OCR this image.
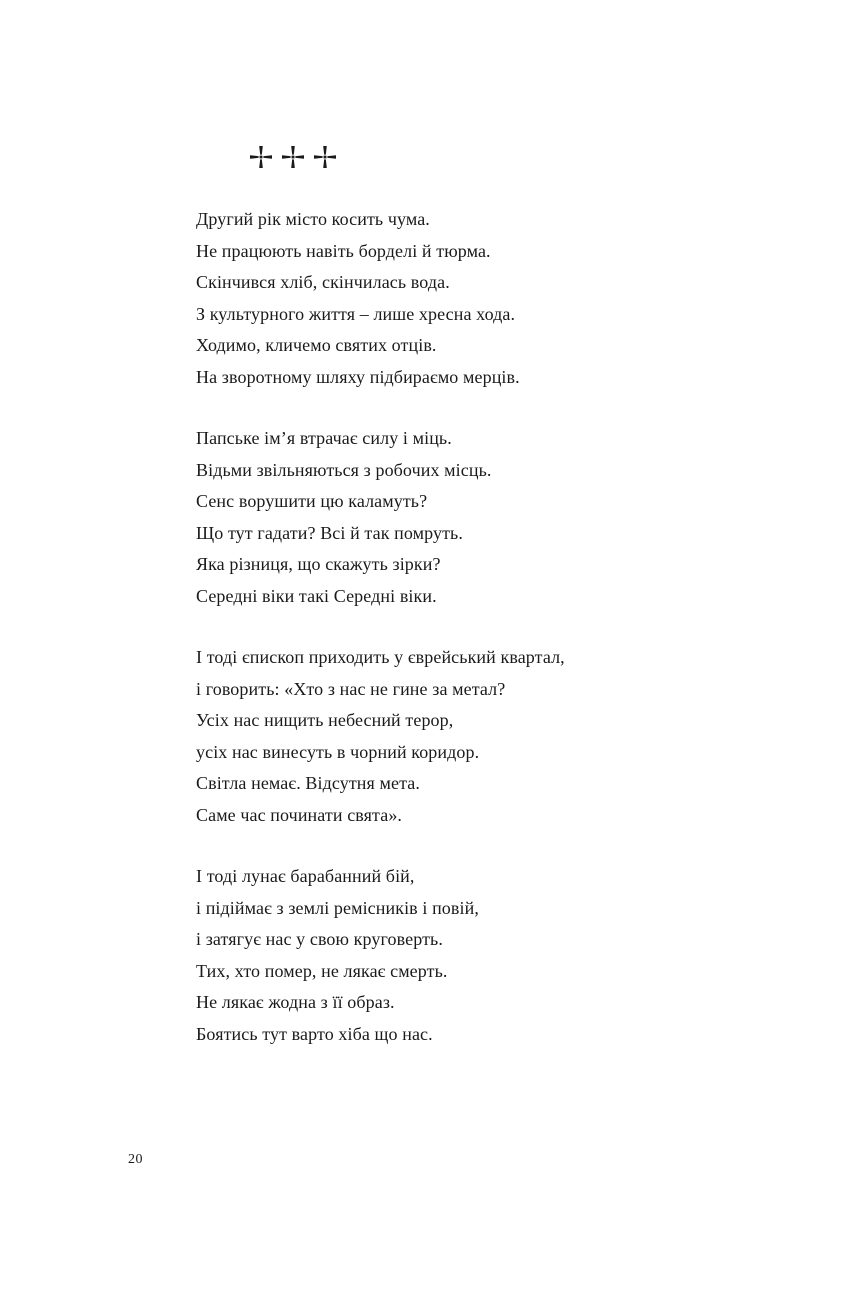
Другий рік місто косить чума.
Не працюють навіть борделі й тюрма.
Скінчився хліб, скінчилась вода.
З культурного життя – лише хресна хода.
Ходимо, кличемо святих отців.
На зворотному шляху підбираємо мерців.
Папське ім’я втрачає силу і міць.
Відьми звільняються з робочих місць.
Сенс ворушити цю каламуть?
Що тут гадати? Всі й так помруть.
Яка різниця, що скажуть зірки?
Середні віки такі Середні віки.
І тоді єпископ приходить у єврейський квартал,
і говорить: «Хто з нас не гине за метал?
Усіх нас нищить небесний терор,
усіх нас винесуть в чорний коридор.
Світла немає. Відсутня мета.
Саме час починати свята».
І тоді лунає барабанний бій,
і підіймає з землі ремісників і повій,
і затягує нас у свою круговерть.
Тих, хто помер, не лякає смерть.
Не лякає жодна з її образ.
Боятись тут варто хіба що нас.
20
